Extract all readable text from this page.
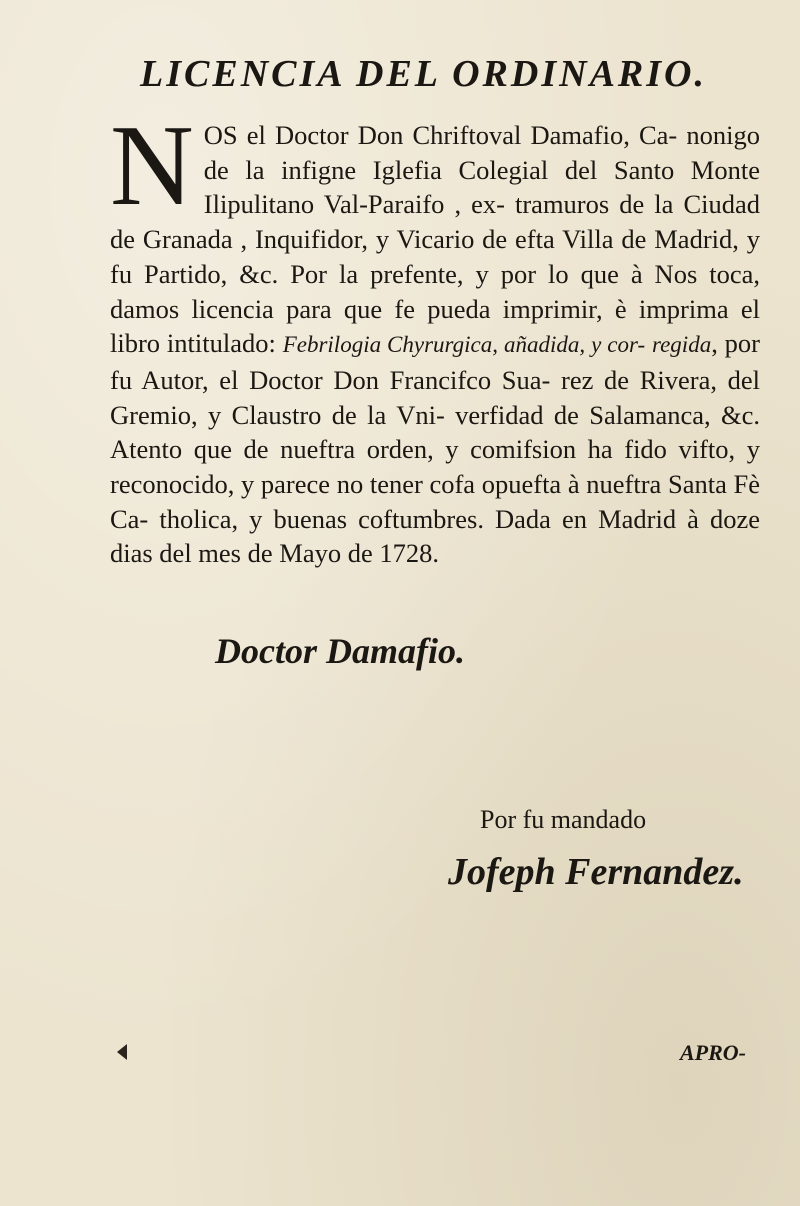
LICENCIA DEL ORDINARIO.
N OS el Doctor Don Chriftoval Damafio, Ca- nonigo de la infigne Iglefia Colegial del Santo Monte Ilipulitano Val-Paraifo , ex- tramuros de la Ciudad de Granada , Inquifidor, y Vicario de efta Villa de Madrid, y fu Partido, &c. Por la prefente, y por lo que à Nos toca, damos licencia para que fe pueda imprimir, è imprima el libro intitulado: Febrilogia Chyrurgica, añadida, y cor- regida, por fu Autor, el Doctor Don Francifco Sua- rez de Rivera, del Gremio, y Claustro de la Vni- verfidad de Salamanca, &c. Atento que de nueftra orden, y comifsion ha fido vifto, y reconocido, y parece no tener cofa opuefta à nueftra Santa Fè Ca- tholica, y buenas coftumbres. Dada en Madrid à doze dias del mes de Mayo de 1728.
Doctor Damafio.
Por fu mandado
Jofeph Fernandez.
APRO-
